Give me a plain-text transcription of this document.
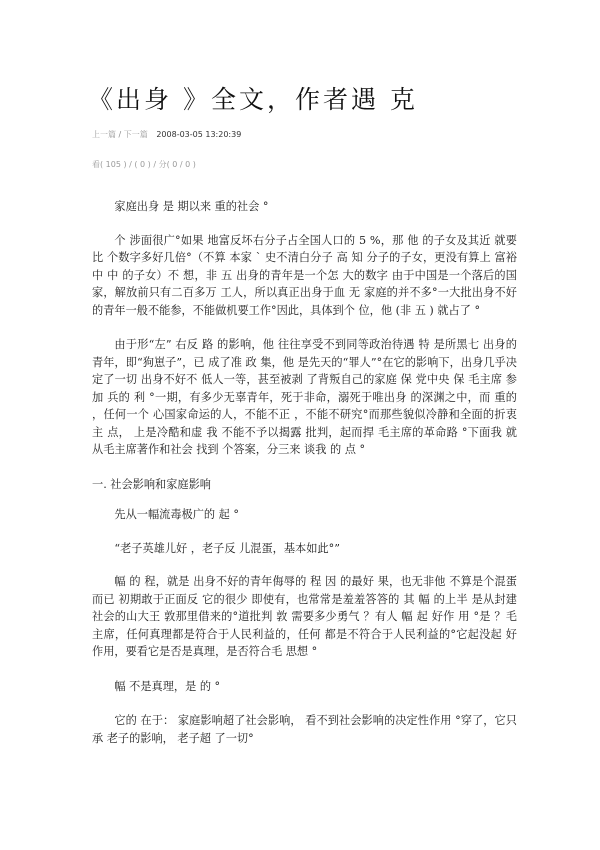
《出身 》全文，作者遇 克
上一篇 / 下一篇 2008-03-05 13:20:39
看( 105 ) / ( 0 ) / 分( 0 / 0 )

家庭出身 是 期以来 重的社会 °

个 涉面很广°如果 地富反坏右分子占全国人口的 5 %，那 他 的子女及其近 就要比 个数字多好几倍°（不算 本家 ` 史不清白分子 高 知 分子的子女，更没有算上 富裕中 中 的子女）不 想，非 五 出身的青年是一个怎 大的数字 由于中国是一个落后的国家，解放前只有二百多万 工人，所以真正出身于血 无 家庭的并不多°一大批出身不好的青年一般不能参，不能做机要工作°因此，具体到个 位，他 (非 五 ) 就占了 °

由于形“左” 右反 路 的影响，他 往往享受不到同等政治待遇 特 是所黑七 出身的青年，即“狗崽子”，已 成了准 政 集，他 是先天的“罪人”°在它的影响下，出身几乎决定了一切 出身不好不 低人一等，甚至被剥 了背叛自己的家庭 保 党中央 保 毛主席 参加 兵的 利 °一期，有多少无辜青年，死于非命，溺死于唯出身 的深渊之中，而 重的 ，任何一个 心国家命运的人，不能不正 ，不能不研究°而那些貌似冷静和全面的折衷主 点， 上是冷酷和虚 我 不能不予以揭露 批判，起而捍 毛主席的革命路 °下面我 就从毛主席著作和社会 找到 个答案，分三来 谈我 的 点 °

一. 社会影响和家庭影响

先从一幅流毒极广的 起 °

“老子英雄儿好 ，老子反 儿混蛋，基本如此°”

幅 的 程，就是 出身不好的青年侮辱的 程 因 的最好 果，也无非他 不算是个混蛋而已 初期敢于正面反 它的很少 即使有，也常常是羞羞答答的 其 幅 的上半 是从封建社会的山大王 敦那里借来的°道批判 敦 需要多少勇气 ？有人 幅 起 好作 用 °是 ？毛主席，任何真理都是符合于人民利益的，任何 都是不符合于人民利益的°它起没起 好作用，要看它是否是真理，是否符合毛 思想 °

幅 不是真理，是 的 °

它的 在于： 家庭影响超了社会影响， 看不到社会影响的决定性作用 °穿了，它只承 老子的影响， 老子超 了一切°
